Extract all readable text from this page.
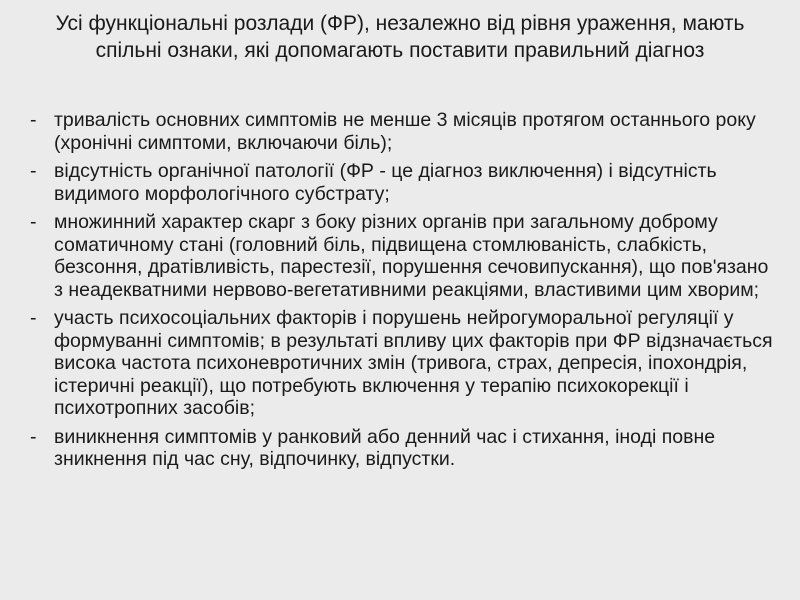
Усі функціональні розлади (ФР), незалежно від рівня ураження, мають спільні ознаки, які допомагають поставити правильний діагноз
- тривалість основних симптомів не менше 3 місяців протягом останнього року (хронічні симптоми, включаючи біль);
- відсутність органічної патології (ФР - це діагноз виключення) і відсутність видимого морфологічного субстрату;
- множинний характер скарг з боку різних органів при загальному доброму соматичному стані (головний біль, підвищена стомлюваність, слабкість, безсоння, дратівливість, парестезії, порушення сечовипускання), що пов'язано з неадекватними нервово-вегетативними реакціями, властивими цим хворим;
- участь психосоціальних факторів і порушень нейрогуморальної регуляції у формуванні симптомів; в результаті впливу цих факторів при ФР відзначається висока частота психоневротичних змін (тривога, страх, депресія, іпохондрія, істеричні реакції), що потребують включення у терапію психокорекції і психотропних засобів;
- виникнення симптомів у ранковий або денний час і стихання, іноді повне зникнення під час сну, відпочинку, відпустки.
